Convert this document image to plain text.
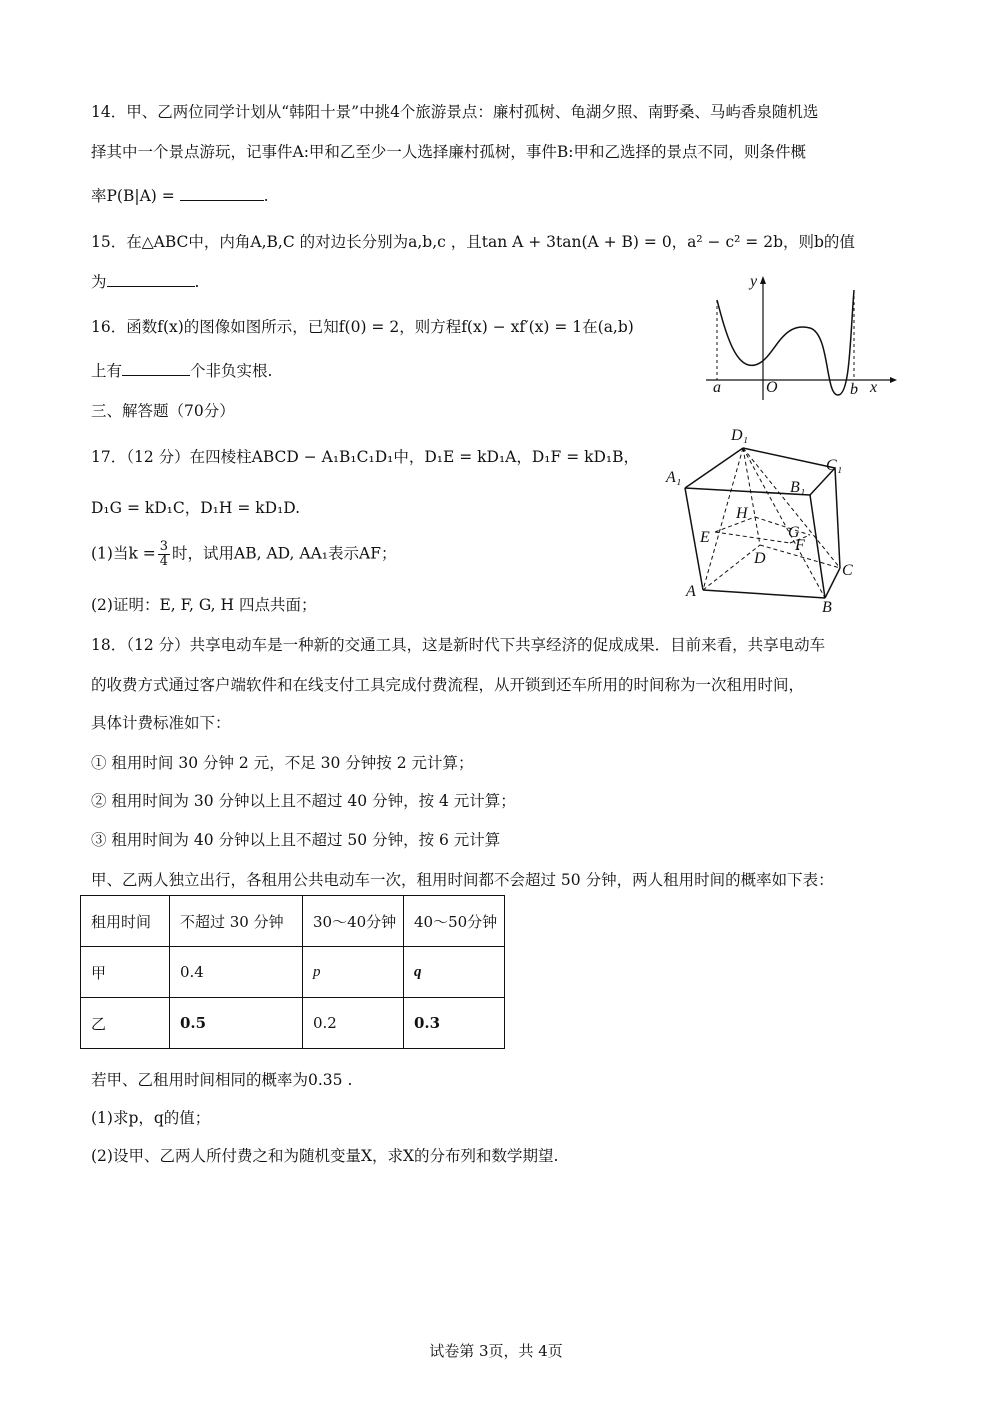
14．甲、乙两位同学计划从“韩阳十景”中挑4个旅游景点：廉村孤树、龟湖夕照、南野桑、马屿香泉随机选
择其中一个景点游玩，记事件A:甲和乙至少一人选择廉村孤树，事件B:甲和乙选择的景点不同，则条件概
率P(B|A) =	.
15．在△ABC中，内角A,B,C 的对边长分别为a,b,c ，且tan A + 3tan(A + B) = 0，a² − c² = 2b，则b的值
为	.
16．函数f(x)的图像如图所示，已知f(0) = 2，则方程f(x) − xf′(x) = 1在(a,b)
上有	个非负实根.
y
x
a	O	b
三、解答题（70分）
17．（12 分）在四棱柱ABCD − A₁B₁C₁D₁中，D₁E = kD₁A，D₁F = kD₁B，
D₁G = kD₁C，D₁H = kD₁D.
(1)当$k = \frac{3}{4}$ 时，试用AB, AD, AA₁表示AF；
(2)证明：E, F, G, H 四点共面；
D₁
C₁
A₁
B₁
H
G
E	F
D
C
A
B
18．（12 分）共享电动车是一种新的交通工具，这是新时代下共享经济的促成成果．目前来看，共享电动车
的收费方式通过客户端软件和在线支付工具完成付费流程，从开锁到还车所用的时间称为一次租用时间，
具体计费标准如下：
① 租用时间 30 分钟 2 元，不足 30 分钟按 2 元计算；
② 租用时间为 30 分钟以上且不超过 40 分钟，按 4 元计算；
③ 租用时间为 40 分钟以上且不超过 50 分钟，按 6 元计算
甲、乙两人独立出行，各租用公共电动车一次，租用时间都不会超过 50 分钟，两人租用时间的概率如下表：
租用时间	不超过 30 分钟	30～40分钟	40～50分钟
甲	0.4	p	q
乙	0.5	0.2	0.3
若甲、乙租用时间相同的概率为0.35 .
(1)求p，q的值；
(2)设甲、乙两人所付费之和为随机变量X，求X的分布列和数学期望.
试卷第 3页，共 4页
